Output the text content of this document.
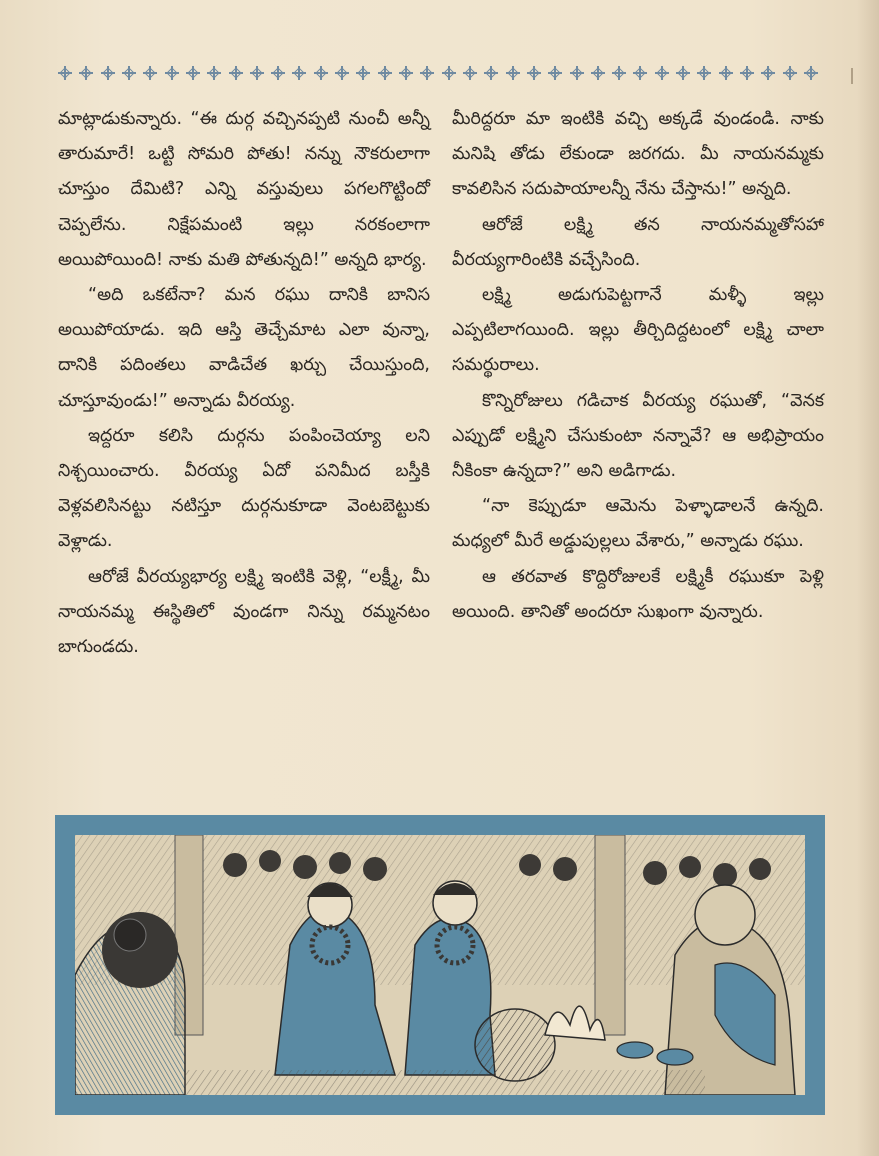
మాట్లాడుకున్నారు. “ఈ దుర్గ వచ్చినప్పటి నుంచీ అన్నీ తారుమారే! ఒట్టి సోమరి పోతు! నన్ను నౌకరులాగా చూస్తుం దేమిటి? ఎన్ని వస్తువులు పగలగొట్టిందో చెప్పలేను. నిక్షేపమంటి ఇల్లు నరకంలాగా అయిపోయింది! నాకు మతి పోతున్నది!” అన్నది భార్య.

“అది ఒకటేనా? మన రఘు దానికి బానిస అయిపోయాడు. ఇది ఆస్తి తెచ్చేమాట ఎలా వున్నా, దానికి పదింతలు వాడిచేత ఖర్చు చేయిస్తుంది, చూస్తూవుండు!” అన్నాడు వీరయ్య.

ఇద్దరూ కలిసి దుర్గను పంపించెయ్యా లని నిశ్చయించారు. వీరయ్య ఏదో పనిమీద బస్తీకి వెళ్లవలిసినట్టు నటిస్తూ దుర్గనుకూడా వెంటబెట్టుకు వెళ్లాడు.

ఆరోజే వీరయ్యభార్య లక్ష్మి ఇంటికి వెళ్లి, “లక్ష్మీ, మీ నాయనమ్మ ఈస్థితిలో వుండగా నిన్ను రమ్మనటం బాగుండదు.

మీరిద్దరూ మా ఇంటికి వచ్చి అక్కడే వుండండి. నాకు మనిషి తోడు లేకుండా జరగదు. మీ నాయనమ్మకు కావలిసిన సదుపాయాలన్నీ నేను చేస్తాను!” అన్నది.

ఆరోజే లక్ష్మి తన నాయనమ్మతోసహా వీరయ్యగారింటికి వచ్చేసింది.

లక్ష్మి అడుగుపెట్టగానే మళ్ళీ ఇల్లు ఎప్పటిలాగయింది. ఇల్లు తీర్చిదిద్దటంలో లక్ష్మి చాలా సమర్థురాలు.

కొన్నిరోజులు గడిచాక వీరయ్య రఘుతో, “వెనక ఎప్పుడో లక్ష్మిని చేసుకుంటా నన్నావే? ఆ అభిప్రాయం నీకింకా ఉన్నదా?” అని అడిగాడు.

“నా కెప్పుడూ ఆమెను పెళ్ళాడాలనే ఉన్నది. మధ్యలో మీరే అడ్డుపుల్లలు వేశారు,” అన్నాడు రఘు.

ఆ తరవాత కొద్దిరోజులకే లక్ష్మికీ రఘుకూ పెళ్లి అయింది. తానితో అందరూ సుఖంగా వున్నారు.
